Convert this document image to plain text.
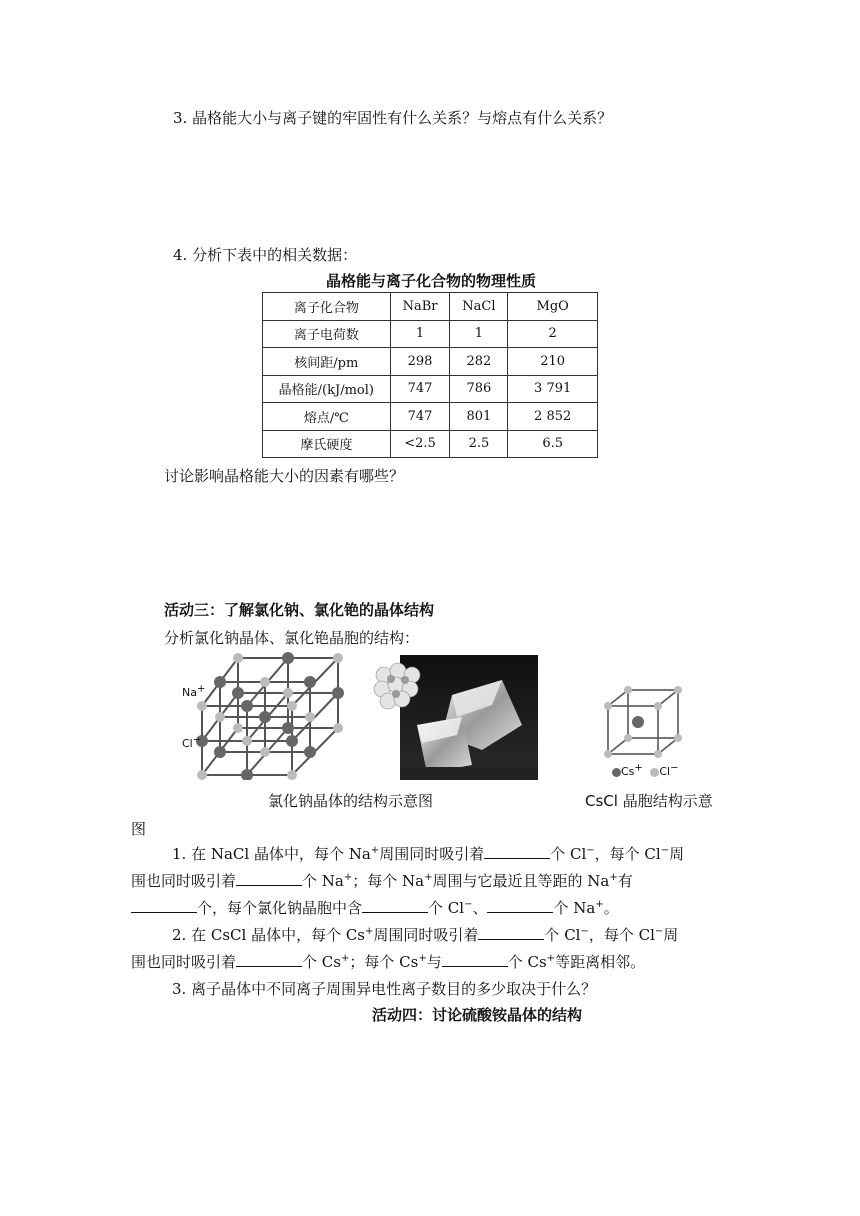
3. 晶格能大小与离子键的牢固性有什么关系？与熔点有什么关系？
4. 分析下表中的相关数据：
晶格能与离子化合物的物理性质
离子化合物	NaBr	NaCl	MgO
离子电荷数	1	1	2
核间距/pm	298	282	210
晶格能/(kJ/mol)	747	786	3 791
熔点/℃	747	801	2 852
摩氏硬度	<2.5	2.5	6.5
讨论影响晶格能大小的因素有哪些？
活动三：了解氯化钠、氯化铯的晶体结构
分析氯化钠晶体、氯化铯晶胞的结构：
Na+
Cl−
Cs+ Cl−
氯化钠晶体的结构示意图	CsCl 晶胞结构示意
图
1. 在 NaCl 晶体中，每个 Na+周围同时吸引着	个 Cl−，每个 Cl−周
围也同时吸引着	个 Na+；每个 Na+周围与它最近且等距的 Na+有
个，每个氯化钠晶胞中含	个 Cl−、	个 Na+。
2. 在 CsCl 晶体中，每个 Cs+周围同时吸引着	个 Cl−，每个 Cl−周
围也同时吸引着	个 Cs+；每个 Cs+与	个 Cs+等距离相邻。
3. 离子晶体中不同离子周围异电性离子数目的多少取决于什么？
活动四：讨论硫酸铵晶体的结构
